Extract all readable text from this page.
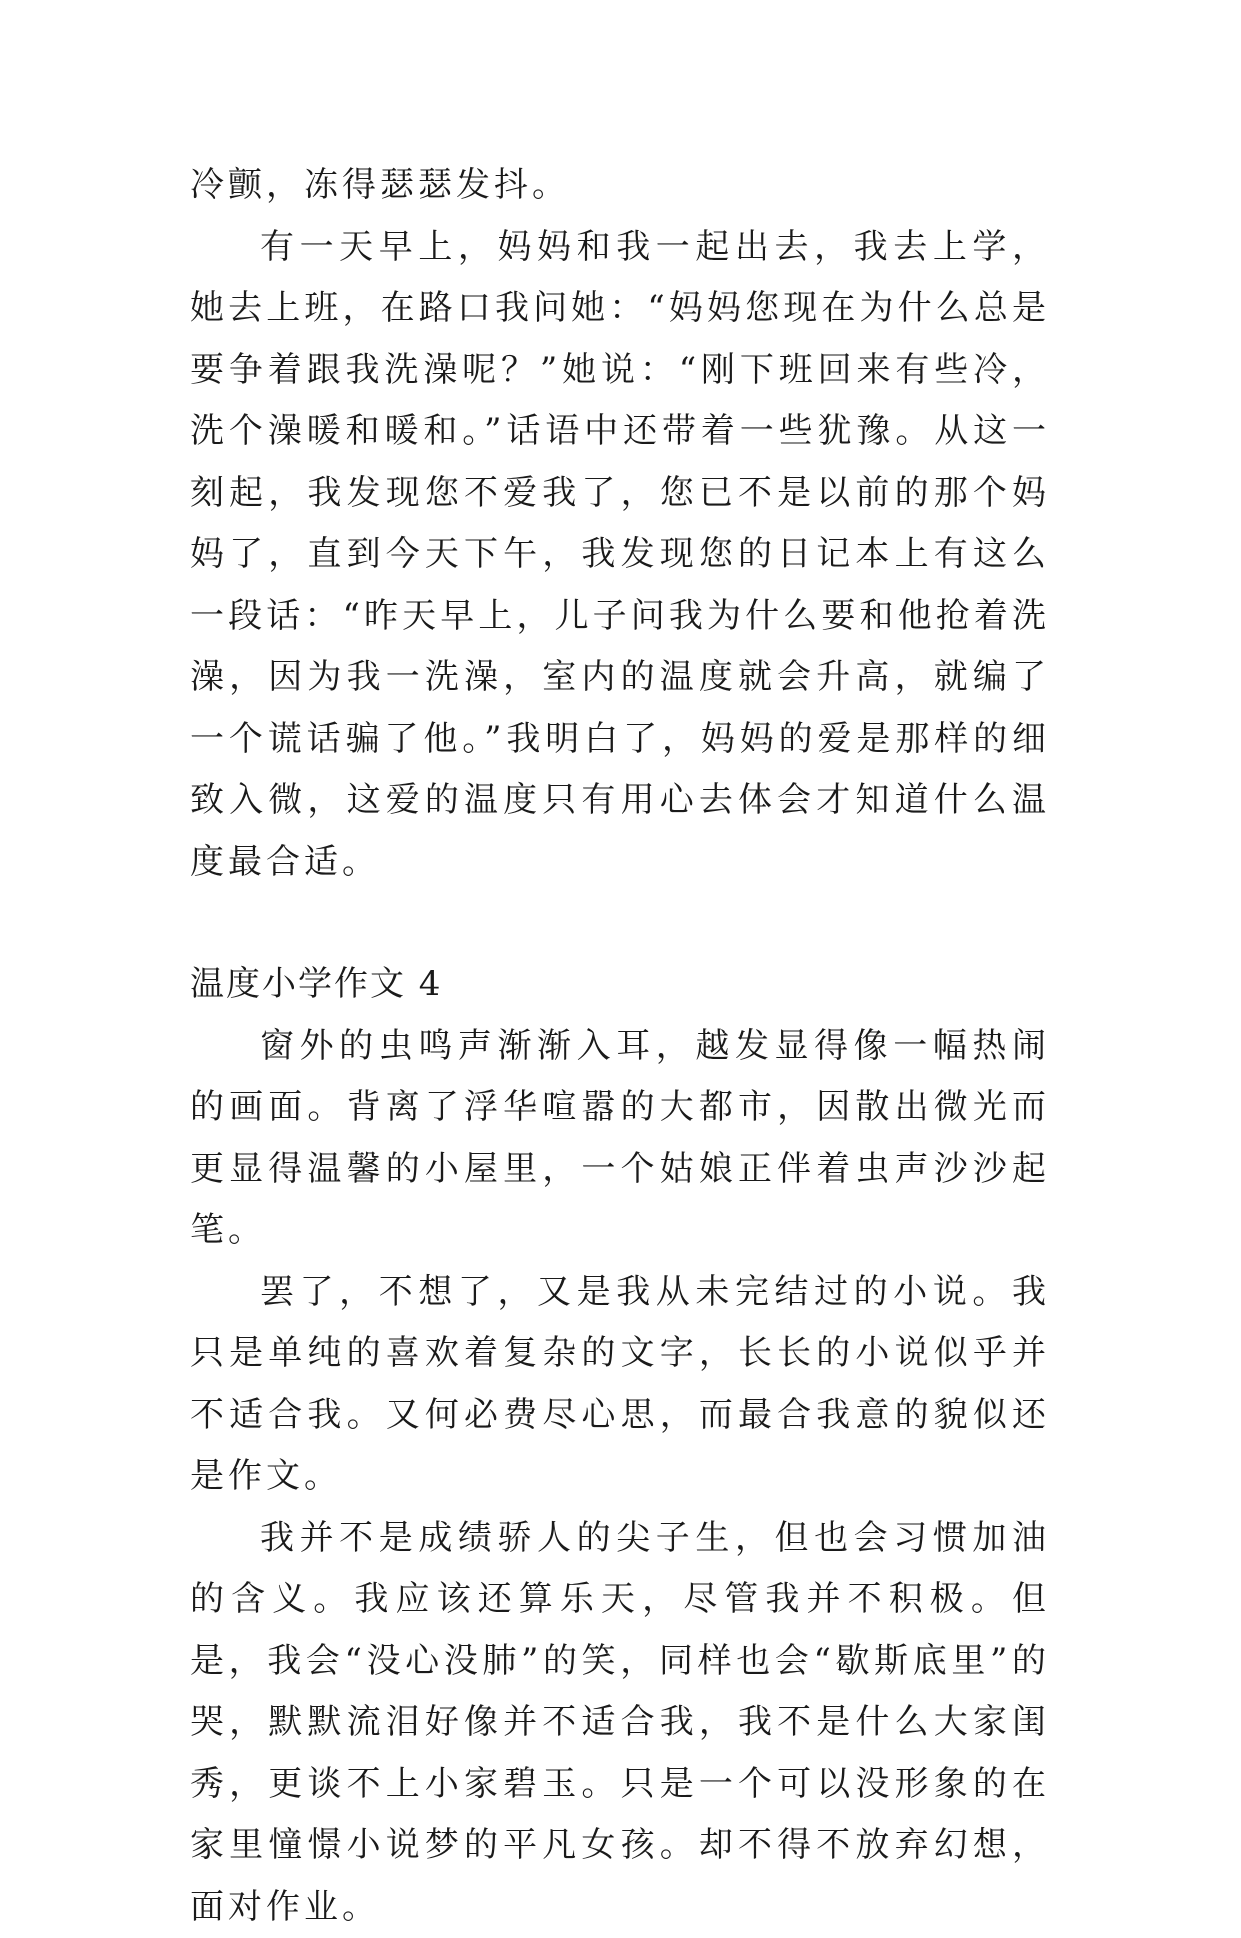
冷颤，冻得瑟瑟发抖。

有一天早上，妈妈和我一起出去，我去上学，她去上班，在路口我问她：“妈妈您现在为什么总是要争着跟我洗澡呢？”她说：“刚下班回来有些冷，洗个澡暖和暖和。”话语中还带着一些犹豫。从这一刻起，我发现您不爱我了，您已不是以前的那个妈妈了，直到今天下午，我发现您的日记本上有这么一段话：“昨天早上，儿子问我为什么要和他抢着洗澡，因为我一洗澡，室内的温度就会升高，就编了一个谎话骗了他。”我明白了，妈妈的爱是那样的细致入微，这爱的温度只有用心去体会才知道什么温度最合适。

温度小学作文 4

窗外的虫鸣声渐渐入耳，越发显得像一幅热闹的画面。背离了浮华喧嚣的大都市，因散出微光而更显得温馨的小屋里，一个姑娘正伴着虫声沙沙起笔。

罢了，不想了，又是我从未完结过的小说。我只是单纯的喜欢着复杂的文字，长长的小说似乎并不适合我。又何必费尽心思，而最合我意的貌似还是作文。

我并不是成绩骄人的尖子生，但也会习惯加油的含义。我应该还算乐天，尽管我并不积极。但是，我会“没心没肺”的笑，同样也会“歇斯底里”的哭，默默流泪好像并不适合我，我不是什么大家闺秀，更谈不上小家碧玉。只是一个可以没形象的在家里憧憬小说梦的平凡女孩。却不得不放弃幻想，面对作业。
